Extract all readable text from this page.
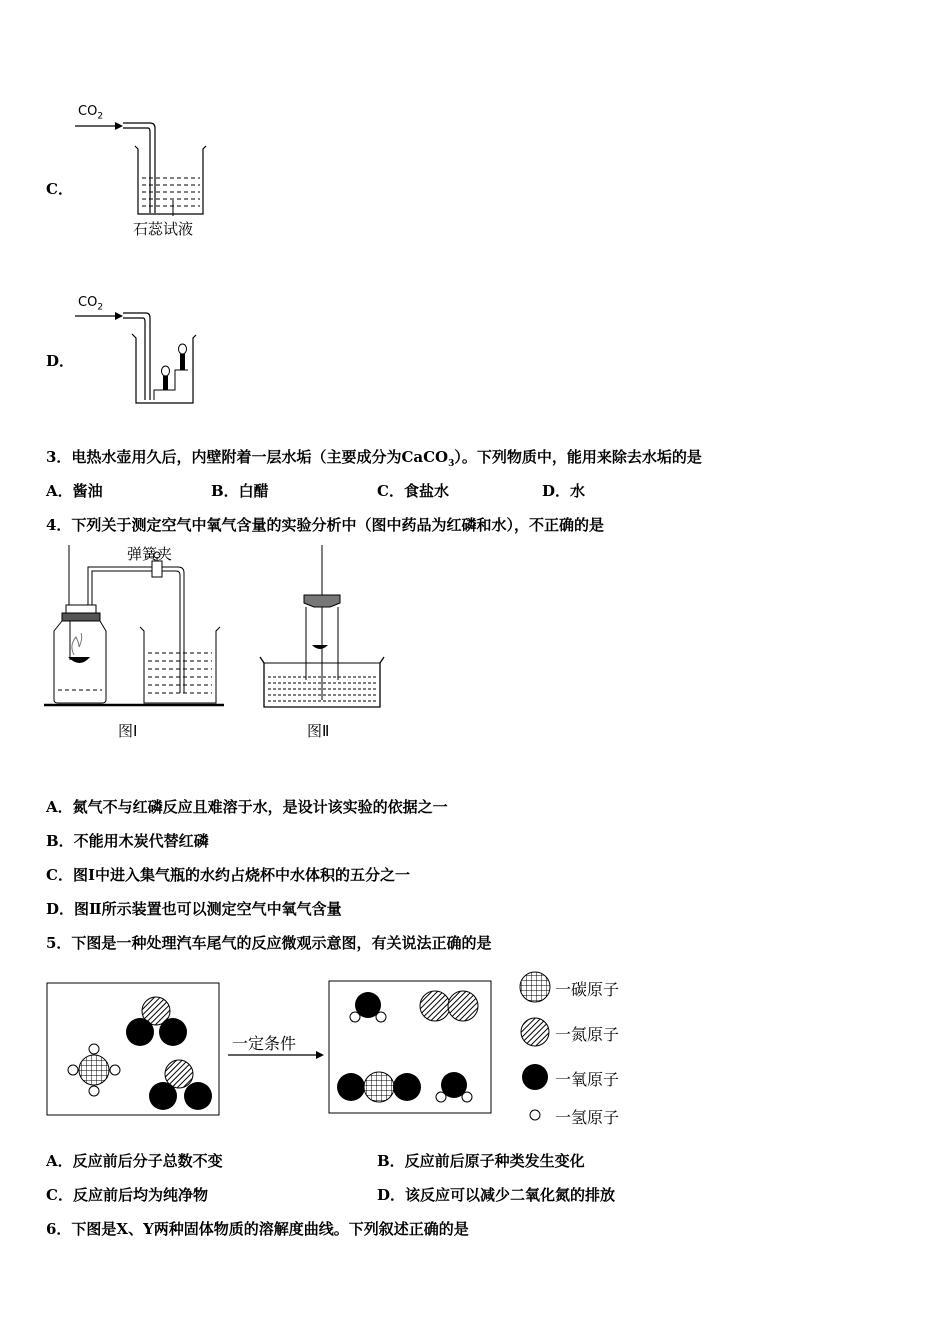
C．
$CO_2$
石蕊试液
D．
$CO_2$
3．电热水壶用久后，内壁附着一层水垢（主要成分为CaCO$_3$）。下列物质中，能用来除去水垢的是
A．酱油	B．白醋	C．食盐水	D．水
4．下列关于测定空气中氧气含量的实验分析中（图中药品为红磷和水），不正确的是
弹簧夹
图Ⅰ	图Ⅱ
A．氮气不与红磷反应且难溶于水，是设计该实验的依据之一
B．不能用木炭代替红磷
C．图Ⅰ中进入集气瓶的水约占烧杯中水体积的五分之一
D．图Ⅱ所示装置也可以测定空气中氧气含量
5．下图是一种处理汽车尾气的反应微观示意图，有关说法正确的是
一定条件
一碳原子
一氮原子
一氧原子
一氢原子
A．反应前后分子总数不变	B．反应前后原子种类发生变化
C．反应前后均为纯净物	D．该反应可以减少二氧化氮的排放
6．下图是X、Y两种固体物质的溶解度曲线。下列叙述正确的是
